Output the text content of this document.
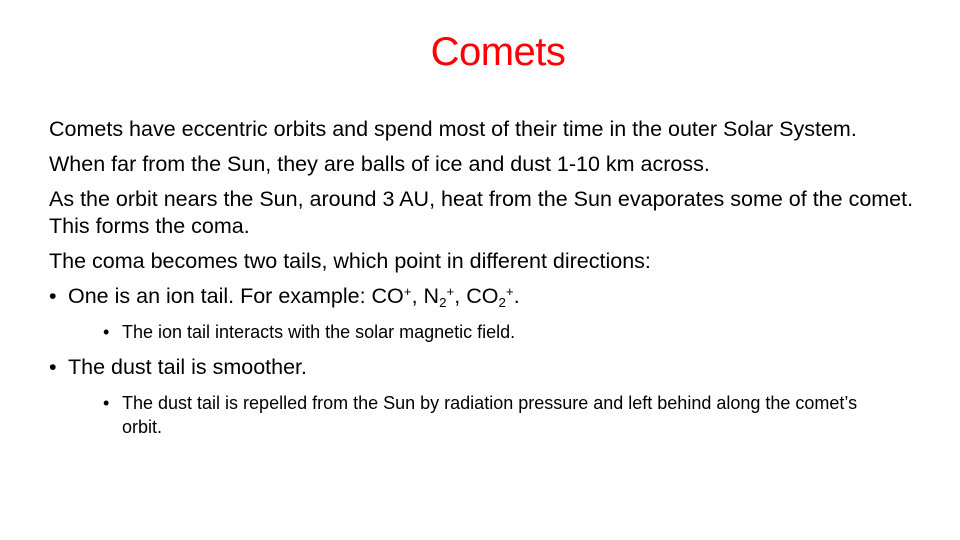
Comets

Comets have eccentric orbits and spend most of their time in the outer Solar System.

When far from the Sun, they are balls of ice and dust 1-10 km across.

As the orbit nears the Sun, around 3 AU, heat from the Sun evaporates some of the comet. This forms the coma.

The coma becomes two tails, which point in different directions:

• One is an ion tail. For example: CO+, $N_2^+$, $CO_2^+$.
• The ion tail interacts with the solar magnetic field.
• The dust tail is smoother.
• The dust tail is repelled from the Sun by radiation pressure and left behind along the comet’s orbit.
